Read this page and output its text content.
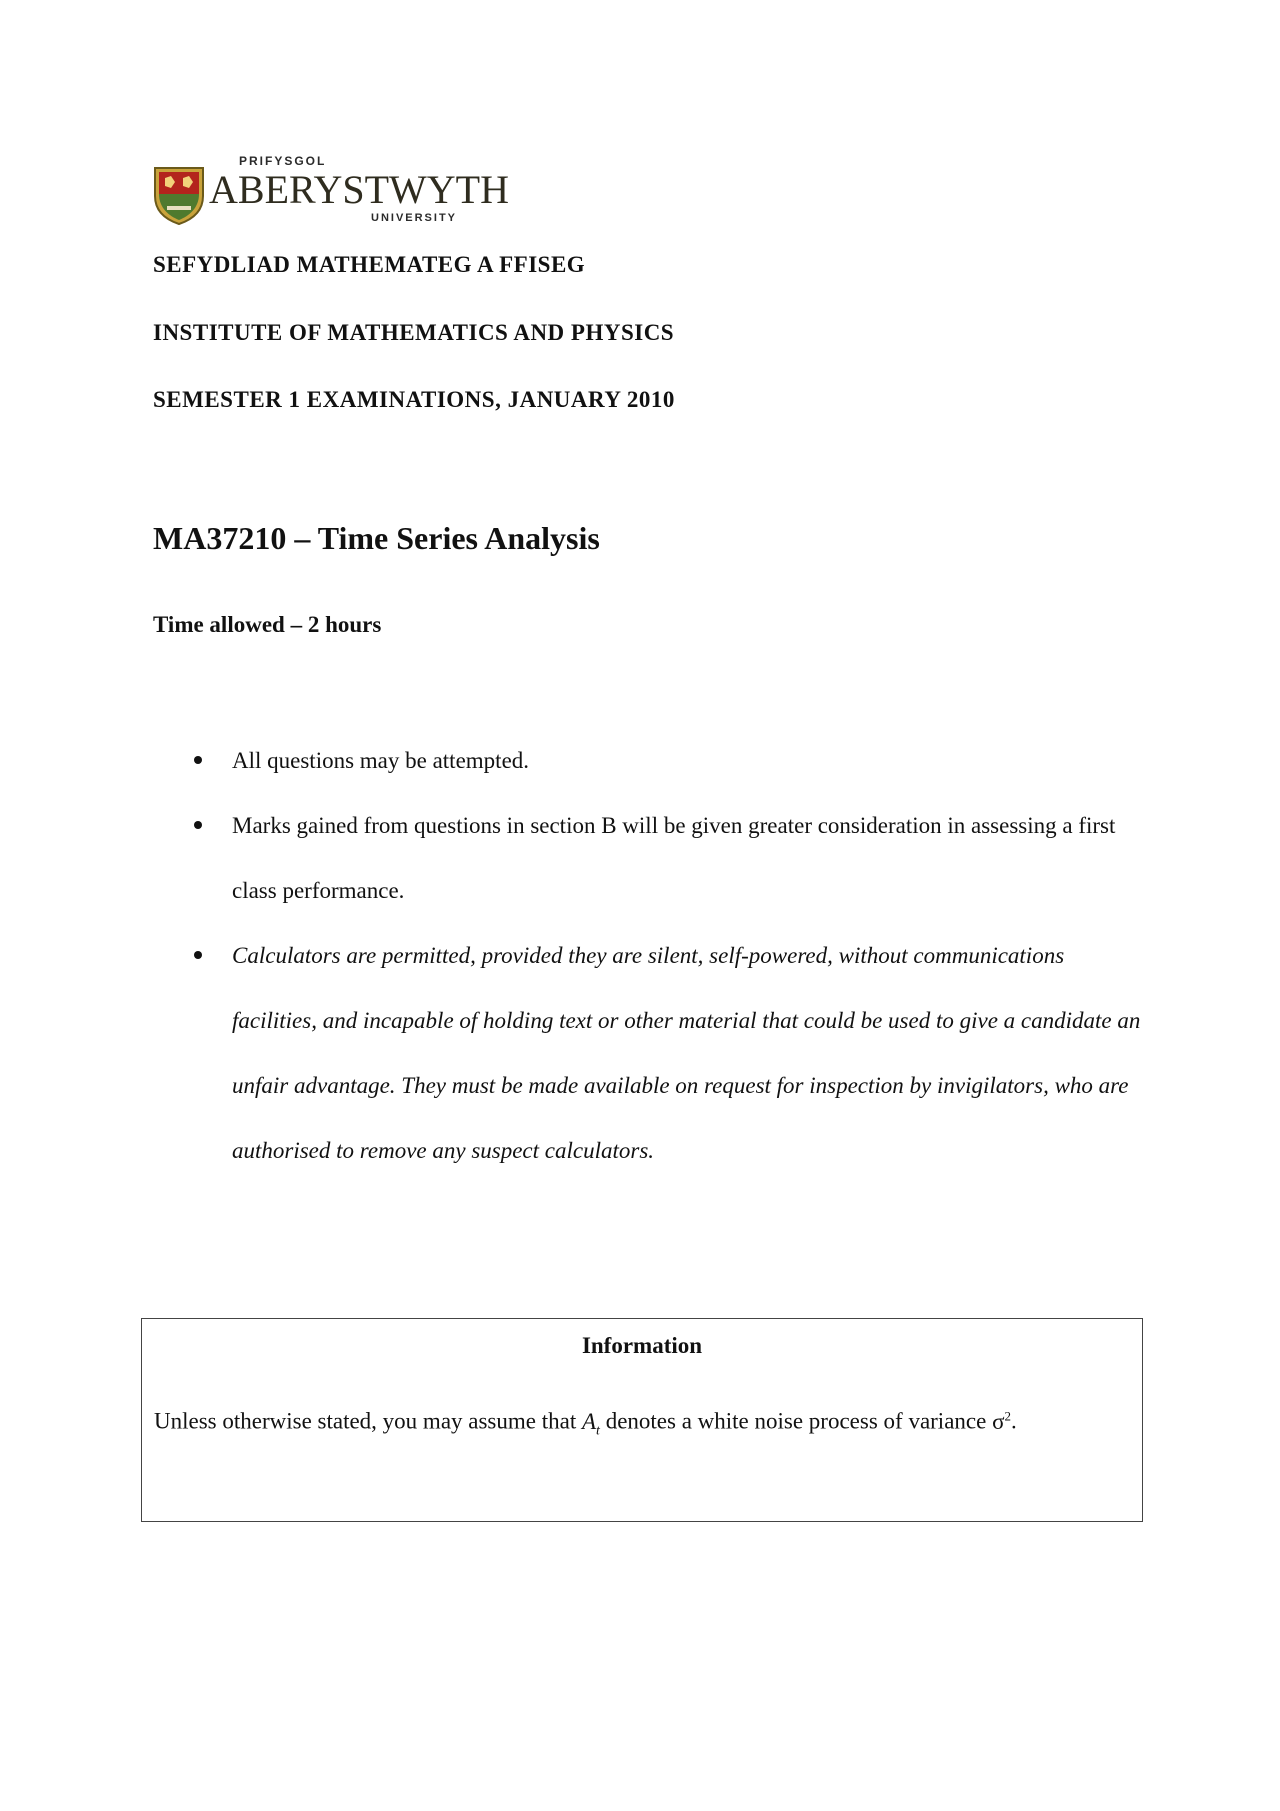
PRIFYSGOL
ABERYSTWYTH
UNIVERSITY
SEFYDLIAD MATHEMATEG A FFISEG
INSTITUTE OF MATHEMATICS AND PHYSICS
SEMESTER 1 EXAMINATIONS, JANUARY 2010
MA37210 – Time Series Analysis
Time allowed – 2 hours
All questions may be attempted.
Marks gained from questions in section B will be given greater consideration in assessing a first class performance.
Calculators are permitted, provided they are silent, self-powered, without communications facilities, and incapable of holding text or other material that could be used to give a candidate an unfair advantage. They must be made available on request for inspection by invigilators, who are authorised to remove any suspect calculators.
Information
Unless otherwise stated, you may assume that $A_t$ denotes a white noise process of variance $\sigma^2$.
